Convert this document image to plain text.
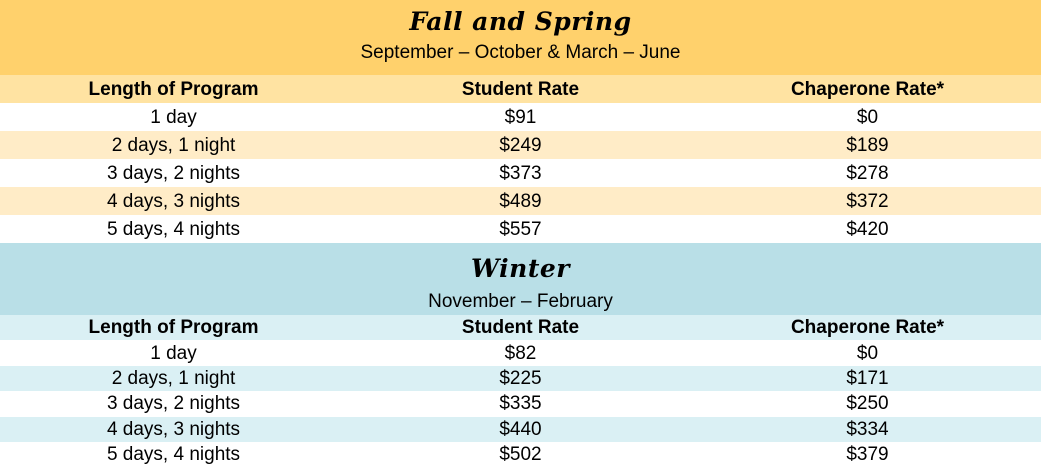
Fall and Spring
September – October & March – June
Length of Program	Student Rate	Chaperone Rate*
1 day	$91	$0
2 days, 1 night	$249	$189
3 days, 2 nights	$373	$278
4 days, 3 nights	$489	$372
5 days, 4 nights	$557	$420
Winter
November – February
Length of Program	Student Rate	Chaperone Rate*
1 day	$82	$0
2 days, 1 night	$225	$171
3 days, 2 nights	$335	$250
4 days, 3 nights	$440	$334
5 days, 4 nights	$502	$379
